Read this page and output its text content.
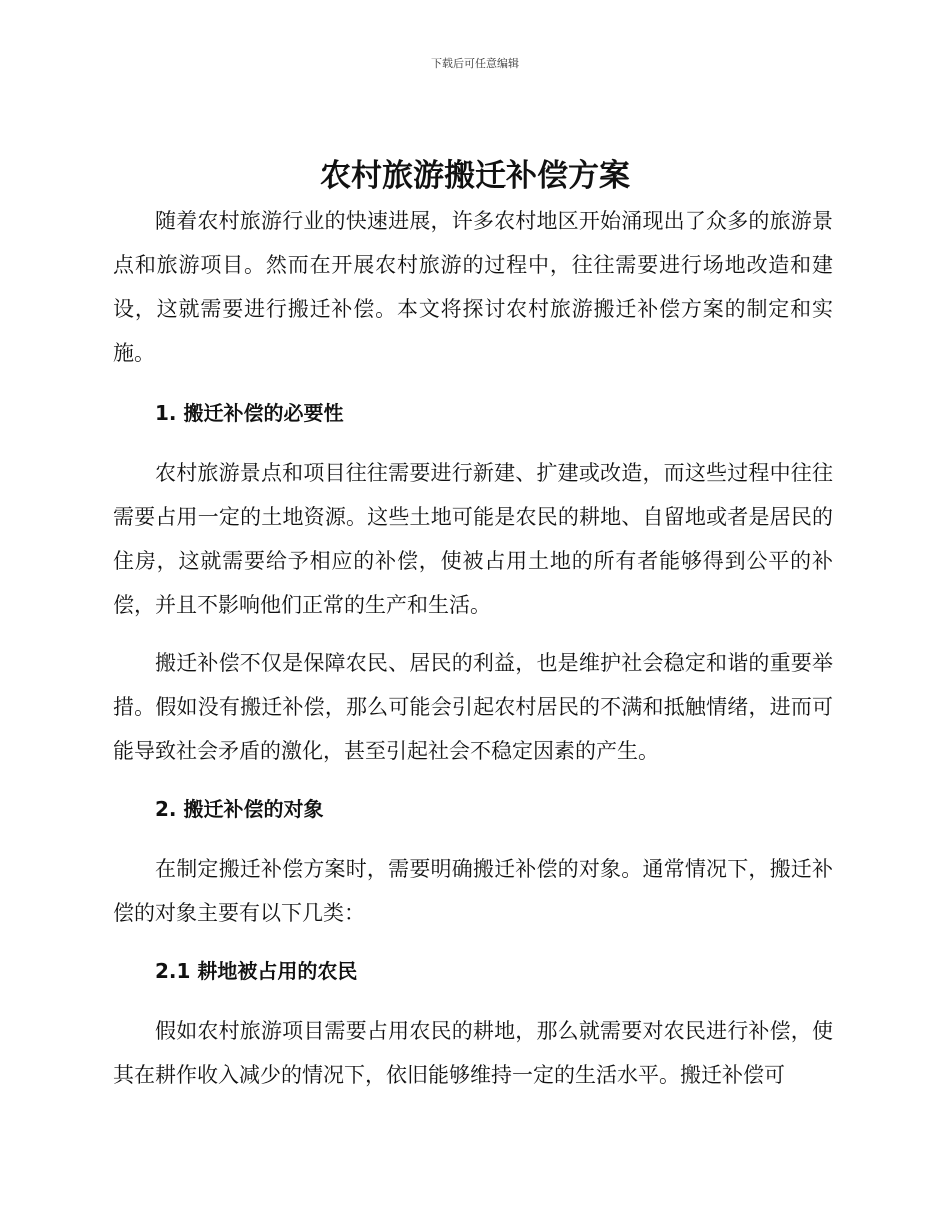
下载后可任意编辑
农村旅游搬迁补偿方案

随着农村旅游行业的快速进展，许多农村地区开始涌现出了众多的旅游景点和旅游项目。然而在开展农村旅游的过程中，往往需要进行场地改造和建设，这就需要进行搬迁补偿。本文将探讨农村旅游搬迁补偿方案的制定和实施。

1. 搬迁补偿的必要性

农村旅游景点和项目往往需要进行新建、扩建或改造，而这些过程中往往需要占用一定的土地资源。这些土地可能是农民的耕地、自留地或者是居民的住房，这就需要给予相应的补偿，使被占用土地的所有者能够得到公平的补偿，并且不影响他们正常的生产和生活。

搬迁补偿不仅是保障农民、居民的利益，也是维护社会稳定和谐的重要举措。假如没有搬迁补偿，那么可能会引起农村居民的不满和抵触情绪，进而可能导致社会矛盾的激化，甚至引起社会不稳定因素的产生。

2. 搬迁补偿的对象

在制定搬迁补偿方案时，需要明确搬迁补偿的对象。通常情况下，搬迁补偿的对象主要有以下几类：

2.1 耕地被占用的农民

假如农村旅游项目需要占用农民的耕地，那么就需要对农民进行补偿，使其在耕作收入减少的情况下，依旧能够维持一定的生活水平。搬迁补偿可
